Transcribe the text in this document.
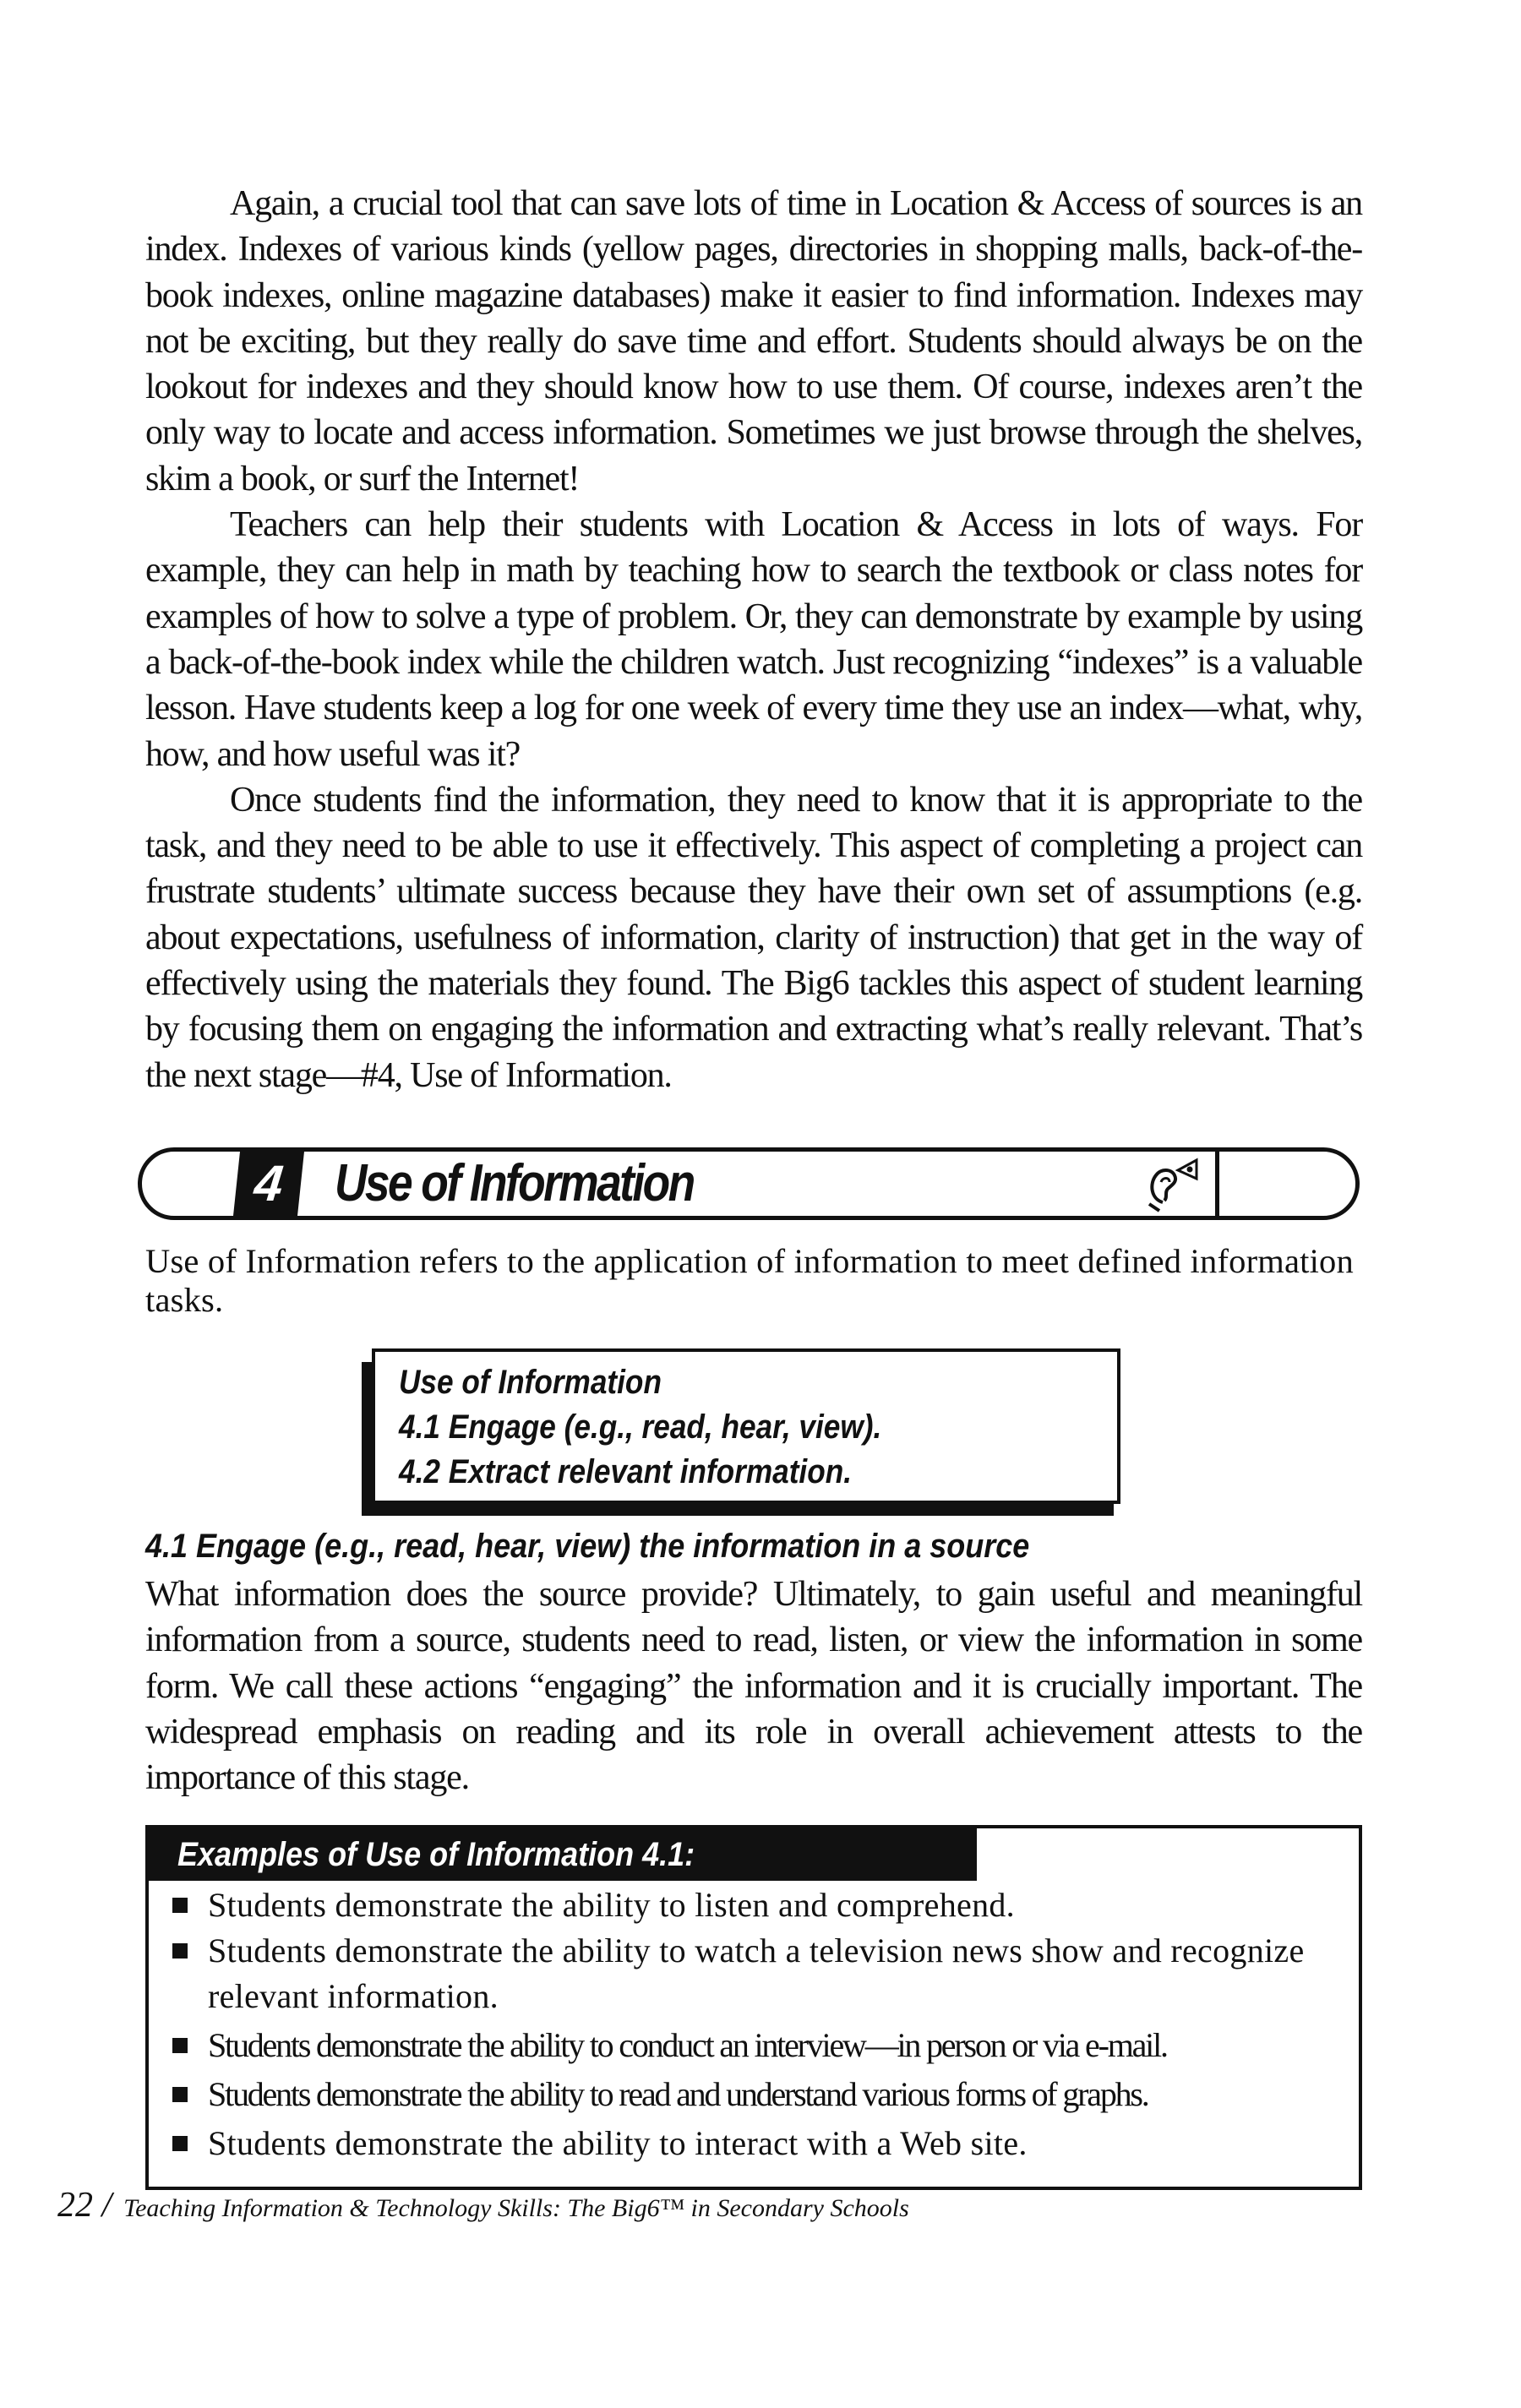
Again, a crucial tool that can save lots of time in Location & Access of sources is an index. Indexes of various kinds (yellow pages, directories in shopping malls, back-of-the-book indexes, online magazine databases) make it easier to find information. Indexes may not be exciting, but they really do save time and effort. Students should always be on the lookout for indexes and they should know how to use them. Of course, indexes aren’t the only way to locate and access information. Sometimes we just browse through the shelves, skim a book, or surf the Internet!

Teachers can help their students with Location & Access in lots of ways. For example, they can help in math by teaching how to search the textbook or class notes for examples of how to solve a type of problem. Or, they can demonstrate by example by using a back-of-the-book index while the children watch. Just recognizing “indexes” is a valuable lesson. Have students keep a log for one week of every time they use an index—what, why, how, and how useful was it?

Once students find the information, they need to know that it is appropriate to the task, and they need to be able to use it effectively. This aspect of completing a project can frustrate students’ ultimate success because they have their own set of assumptions (e.g. about expectations, usefulness of information, clarity of instruction) that get in the way of effectively using the materials they found. The Big6 tackles this aspect of student learning by focusing them on engaging the information and extracting what’s really relevant. That’s the next stage—#4, Use of Information.

4 Use of Information
Use of Information refers to the application of information to meet defined information tasks.
Use of Information
4.1 Engage (e.g., read, hear, view).
4.2 Extract relevant information.
4.1 Engage (e.g., read, hear, view) the information in a source

What information does the source provide? Ultimately, to gain useful and meaningful information from a source, students need to read, listen, or view the information in some form. We call these actions “engaging” the information and it is crucially important. The widespread emphasis on reading and its role in overall achievement attests to the importance of this stage.

Examples of Use of Information 4.1:
Students demonstrate the ability to listen and comprehend.
Students demonstrate the ability to watch a television news show and recognize relevant information.
Students demonstrate the ability to conduct an interview—in person or via e-mail.
Students demonstrate the ability to read and understand various forms of graphs.
Students demonstrate the ability to interact with a Web site.
22 / Teaching Information & Technology Skills: The Big6™ in Secondary Schools
